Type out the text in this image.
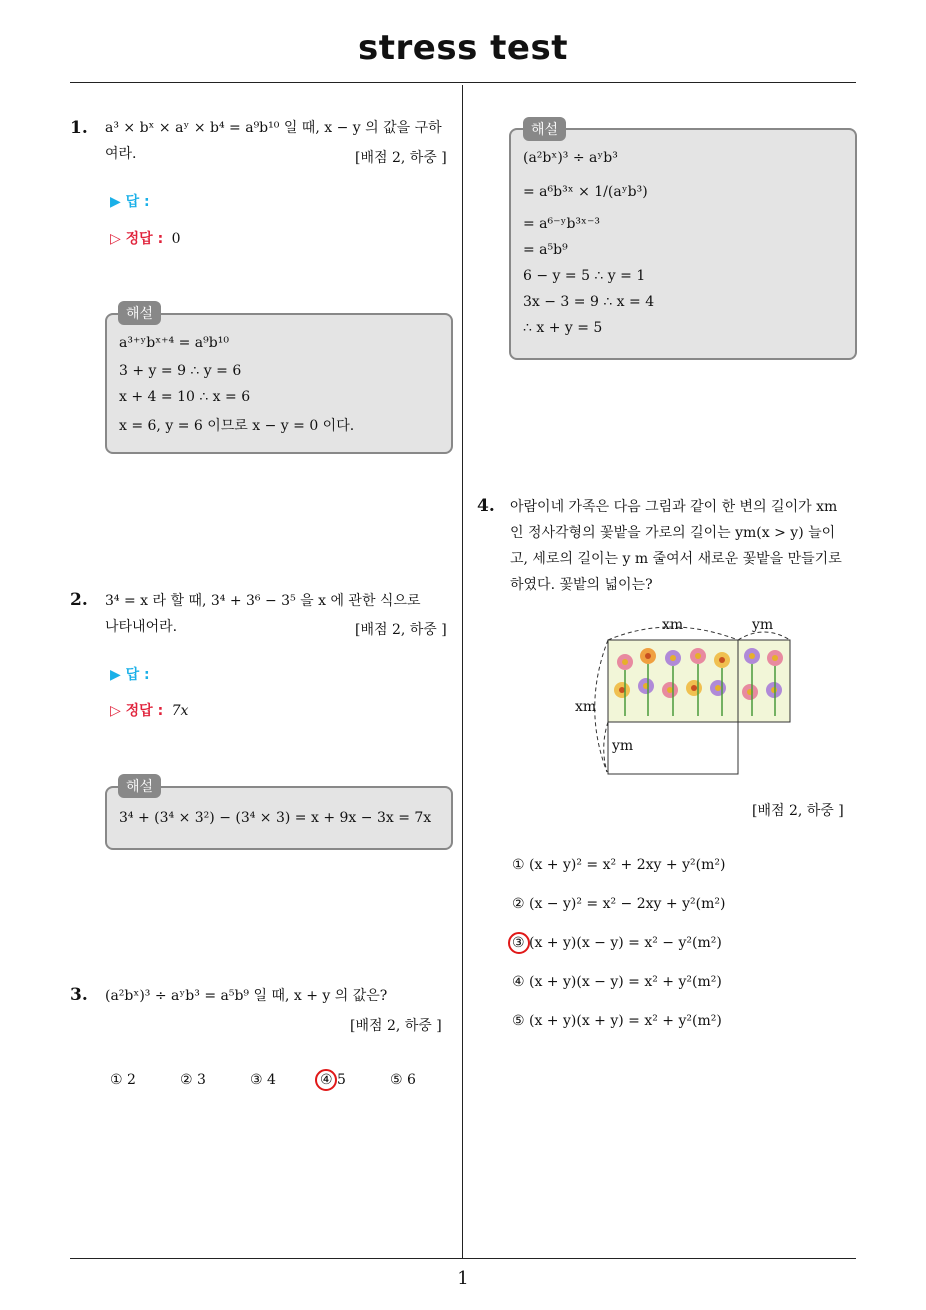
stress test
1
1. a³ × bˣ × aʸ × b⁴ = a⁹b¹⁰ 일 때, x − y 의 값을 구하
여라.	[배점 2, 하중 ]
▶ 답 :
▷ 정답 : 0
a³⁺ʸbˣ⁺⁴ = a⁹b¹⁰
3 + y = 9 ∴ y = 6
x + 4 = 10 ∴ x = 6
x = 6, y = 6 이므로 x − y = 0 이다.
해설
2. 3⁴ = x 라 할 때, 3⁴ + 3⁶ − 3⁵ 을 x 에 관한 식으로
나타내어라.	[배점 2, 하중 ]
▶ 답 :
▷ 정답 : 7x
3⁴ + (3⁴ × 3²) − (3⁴ × 3) = x + 9x − 3x = 7x
해설
3. (a²bˣ)³ ÷ aʸb³ = a⁵b⁹ 일 때, x + y 의 값은?
[배점 2, 하중 ]
① 2	② 3	③ 4	④ 5	⑤ 6
(a²bˣ)³ ÷ aʸb³
= a⁶b³ˣ × 1/(aʸb³)
= a⁶⁻ʸb³ˣ⁻³
= a⁵b⁹
6 − y = 5 ∴ y = 1
3x − 3 = 9 ∴ x = 4
∴ x + y = 5
해설
4. 아람이네 가족은 다음 그림과 같이 한 변의 길이가 xm
인 정사각형의 꽃밭을 가로의 길이는 ym(x > y) 늘이
고, 세로의 길이는 y m 줄여서 새로운 꽃밭을 만들기로
하였다. 꽃밭의 넓이는?
xm	ym
xm
ym
[배점 2, 하중 ]
① (x + y)² = x² + 2xy + y²(m²)
② (x − y)² = x² − 2xy + y²(m²)
③ (x + y)(x − y) = x² − y²(m²)
④ (x + y)(x − y) = x² + y²(m²)
⑤ (x + y)(x + y) = x² + y²(m²)
